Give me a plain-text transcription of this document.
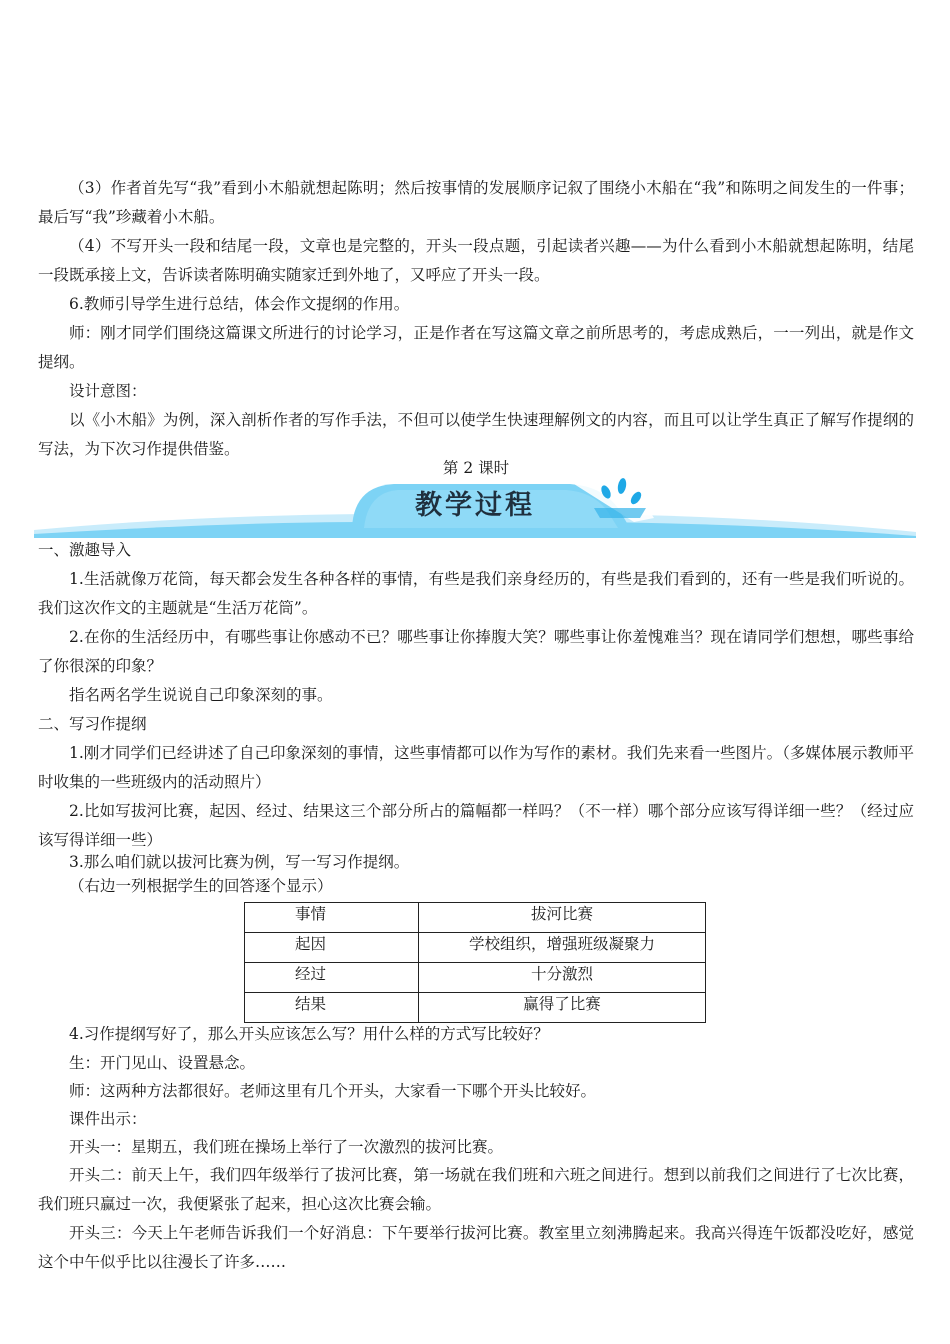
（3）作者首先写“我”看到小木船就想起陈明；然后按事情的发展顺序记叙了围绕小木船在“我”和陈明之间发生的一件事；最后写“我”珍藏着小木船。

（4）不写开头一段和结尾一段，文章也是完整的，开头一段点题，引起读者兴趣——为什么看到小木船就想起陈明，结尾一段既承接上文，告诉读者陈明确实随家迁到外地了，又呼应了开头一段。

6.教师引导学生进行总结，体会作文提纲的作用。

师：刚才同学们围绕这篇课文所进行的讨论学习，正是作者在写这篇文章之前所思考的，考虑成熟后，一一列出，就是作文提纲。

设计意图：

以《小木船》为例，深入剖析作者的写作手法，不但可以使学生快速理解例文的内容，而且可以让学生真正了解写作提纲的写法，为下次习作提供借鉴。

第 2 课时

教学过程

一、激趣导入

1.生活就像万花筒，每天都会发生各种各样的事情，有些是我们亲身经历的，有些是我们看到的，还有一些是我们听说的。我们这次作文的主题就是“生活万花筒”。

2.在你的生活经历中，有哪些事让你感动不已？哪些事让你捧腹大笑？哪些事让你羞愧难当？现在请同学们想想，哪些事给了你很深的印象？

指名两名学生说说自己印象深刻的事。

二、写习作提纲

1.刚才同学们已经讲述了自己印象深刻的事情，这些事情都可以作为写作的素材。我们先来看一些图片。（多媒体展示教师平时收集的一些班级内的活动照片）

2.比如写拔河比赛，起因、经过、结果这三个部分所占的篇幅都一样吗？（不一样）哪个部分应该写得详细一些？（经过应该写得详细一些）

3.那么咱们就以拔河比赛为例，写一写习作提纲。

（右边一列根据学生的回答逐个显示）

事情	拔河比赛
起因	学校组织，增强班级凝聚力
经过	十分激烈
结果	赢得了比赛

4.习作提纲写好了，那么开头应该怎么写？用什么样的方式写比较好？

生：开门见山、设置悬念。

师：这两种方法都很好。老师这里有几个开头，大家看一下哪个开头比较好。

课件出示：

开头一：星期五，我们班在操场上举行了一次激烈的拔河比赛。

开头二：前天上午，我们四年级举行了拔河比赛，第一场就在我们班和六班之间进行。想到以前我们之间进行了七次比赛，我们班只赢过一次，我便紧张了起来，担心这次比赛会输。

开头三：今天上午老师告诉我们一个好消息：下午要举行拔河比赛。教室里立刻沸腾起来。我高兴得连午饭都没吃好，感觉这个中午似乎比以往漫长了许多……
